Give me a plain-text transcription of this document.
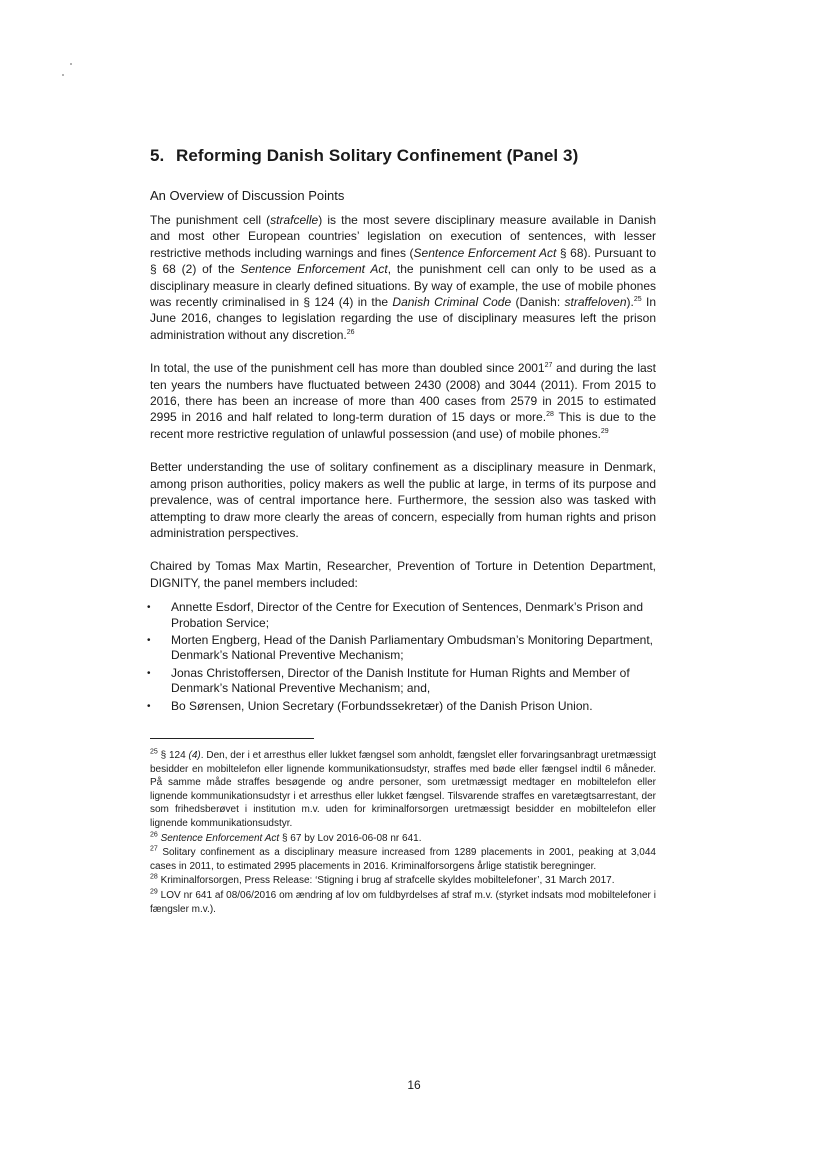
5. Reforming Danish Solitary Confinement (Panel 3)
An Overview of Discussion Points

The punishment cell (strafcelle) is the most severe disciplinary measure available in Danish and most other European countries’ legislation on execution of sentences, with lesser restrictive methods including warnings and fines (Sentence Enforcement Act § 68). Pursuant to § 68 (2) of the Sentence Enforcement Act, the punishment cell can only to be used as a disciplinary measure in clearly defined situations. By way of example, the use of mobile phones was recently criminalised in § 124 (4) in the Danish Criminal Code (Danish: straffeloven).$^{25}$ In June 2016, changes to legislation regarding the use of disciplinary measures left the prison administration without any discretion.$^{26}$

In total, the use of the punishment cell has more than doubled since 2001$^{27}$ and during the last ten years the numbers have fluctuated between 2430 (2008) and 3044 (2011). From 2015 to 2016, there has been an increase of more than 400 cases from 2579 in 2015 to estimated 2995 in 2016 and half related to long-term duration of 15 days or more.$^{28}$ This is due to the recent more restrictive regulation of unlawful possession (and use) of mobile phones.$^{29}$

Better understanding the use of solitary confinement as a disciplinary measure in Denmark, among prison authorities, policy makers as well the public at large, in terms of its purpose and prevalence, was of central importance here. Furthermore, the session also was tasked with attempting to draw more clearly the areas of concern, especially from human rights and prison administration perspectives.

Chaired by Tomas Max Martin, Researcher, Prevention of Torture in Detention Department, DIGNITY, the panel members included:

• Annette Esdorf, Director of the Centre for Execution of Sentences, Denmark’s Prison and Probation Service;
• Morten Engberg, Head of the Danish Parliamentary Ombudsman’s Monitoring Department, Denmark’s National Preventive Mechanism;
• Jonas Christoffersen, Director of the Danish Institute for Human Rights and Member of Denmark’s National Preventive Mechanism; and,
• Bo Sørensen, Union Secretary (Forbundssekretær) of the Danish Prison Union.
$^{25}$ § 124 (4). Den, der i et arresthus eller lukket fængsel som anholdt, fængslet eller forvaringsanbragt uretmæssigt besidder en mobiltelefon eller lignende kommunikationsudstyr, straffes med bøde eller fængsel indtil 6 måneder. På samme måde straffes besøgende og andre personer, som uretmæssigt medtager en mobiltelefon eller lignende kommunikationsudstyr i et arresthus eller lukket fængsel. Tilsvarende straffes en varetægtsarrestant, der som frihedsberøvet i institution m.v. uden for kriminalforsorgen uretmæssigt besidder en mobiltelefon eller lignende kommunikationsudstyr.
$^{26}$ Sentence Enforcement Act § 67 by Lov 2016-06-08 nr 641.
$^{27}$ Solitary confinement as a disciplinary measure increased from 1289 placements in 2001, peaking at 3,044 cases in 2011, to estimated 2995 placements in 2016. Kriminalforsorgens årlige statistik beregninger.
$^{28}$ Kriminalforsorgen, Press Release: ‘Stigning i brug af strafcelle skyldes mobiltelefoner’, 31 March 2017.
$^{29}$ LOV nr 641 af 08/06/2016 om ændring af lov om fuldbyrdelses af straf m.v. (styrket indsats mod mobiltelefoner i fængsler m.v.).
16
